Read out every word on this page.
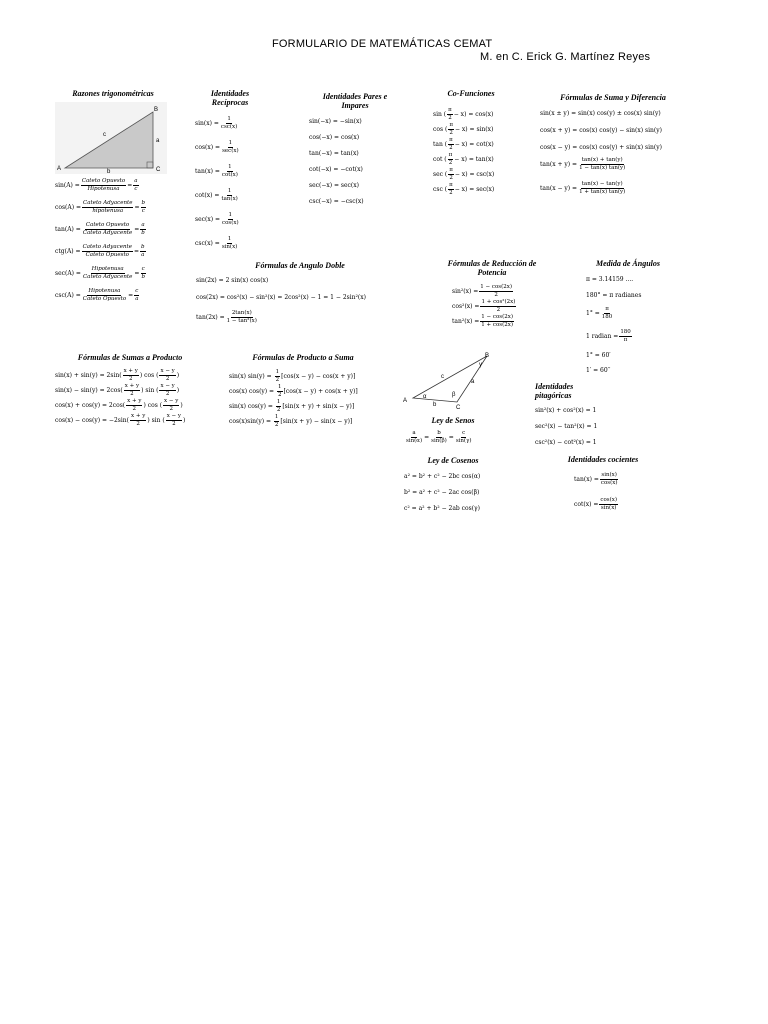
FORMULARIO DE MATEMÁTICAS CEMAT
M. en C. Erick G. Martínez Reyes
Razones trigonométricas
A
B
C
a
b
c
$\sin(A) = \frac{\text{Cateto Opuesto}}{\text{Hipotenusa}} = \frac{a}{c}$
$\cos(A) = \frac{\text{Cateto Adyacente}}{\text{hipotenusa}} = \frac{b}{c}$
$\tan(A) = \frac{\text{Cateto Opuesto}}{\text{Cateto Adyacente}} = \frac{a}{b}$
$ctg(A) = \frac{\text{Cateto Adyacente}}{\text{Cateto Opuesto}} = \frac{b}{a}$
$\sec(A) = \frac{\text{Hipotenusa}}{\text{Cateto Adyacente}} = \frac{c}{b}$
$\csc(A) = \frac{\text{Hipotenusa}}{\text{Cateto Opuesto}} = \frac{c}{a}$
Identidades Recíprocas
$\sin(x) = \frac{1}{\csc(x)}$
$\cos(x) = \frac{1}{\sec(x)}$
$\tan(x) = \frac{1}{\cot(x)}$
$\cot(x) = \frac{1}{\tan(x)}$
$\sec(x) = \frac{1}{\cos(x)}$
$\csc(x) = \frac{1}{\sin(x)}$
Identidades Pares e Impares
sin(−x) = −sin(x)
cos(−x) = cos(x)
tan(−x) = tan(x)
cot(−x) = −cot(x)
sec(−x) = sec(x)
csc(−x) = −csc(x)
Co-Funciones
sin ( $\frac{\pi}{2} - x) = \cos(x)$
cos ( $\frac{\pi}{2} - x) = \sin(x)$
tan ( $\frac{\pi}{2} - x) = \cot(x)$
cot ( $\frac{\pi}{2} - x) = \tan(x)$
sec ( $\frac{\pi}{2} - x) = \csc(x)$
csc ( $\frac{\pi}{2} - x) = \sec(x)$
Fórmulas de Suma y Diferencia
sin(x ± y) = sin(x) cos(y) ± cos(x) sin(y)
cos(x + y) = cos(x) cos(y) − sin(x) sin(y)
cos(x − y) = cos(x) cos(y) + sin(x) sin(y)
$\tan(x + y) = \frac{\tan(x) + \tan(y)}{1 - \tan(x) \tan(y)}$
$\tan(x - y) = \frac{\tan(x) - \tan(y)}{1 + \tan(x) \tan(y)}$
Fórmulas de Angulo Doble
sin(2x) = 2 sin(x) cos(x)
cos(2x) = cos²(x) − sin²(x) = 2cos²(x) − 1 = 1 − 2sin²(x)
$\tan(2x) = \frac{2\tan(x)}{\text{1 − tan²(x)}}$
Fórmulas de Reducción de Potencia
$\sin^2(x) = \frac{1 - \cos(2x)}{2}$
$\cos^2(x) = \frac{\text{1 + cos²(2x)}}{2}$
$\tan^2(x) = \frac{1 - \cos(2x)}{1 + \cos(2x)}$
Medida de Ángulos
π = 3.14159 ....
180° = π radianes
$1^\circ = \frac{\pi}{180}$
1 radian = $\frac{180}{\pi}$
1° = 60′
1′ = 60′′
Fórmulas de Sumas a Producto
sin(x) + sin(y) = 2sin ( $\frac{x + y}{2}$ ) cos ( $\frac{x - y}{2}$ )
sin(x) − sin(y) = 2cos ( $\frac{x + y}{2}$ ) sin ( $\frac{x - y}{2}$ )
cos(x) + cos(y) = 2cos ( $\frac{x + y}{2}$ ) cos ( $\frac{x - y}{2}$ )
cos(x) − cos(y) = −2sin ( $\frac{x + y}{2}$ ) sin ( $\frac{x - y}{2}$ )
Fórmulas de Producto a Suma
sin(x) sin(y) =
$\frac{1}{2} [\cos(x - y) - \cos(x + y)]$
cos(x) cos(y) =
$\frac{1}{2} [\cos(x - y) + \cos(x + y)]$
sin(x) cos(y) =
$\frac{1}{2} [\sin(x + y) + \sin(x - y)]$
cos(x)sin(y) =
$\frac{1}{2} [\sin(x + y) - \sin(x - y)]$
A
B
C
a
b
c
α	β
γ
Ley de Senos
$\frac{a}{\sin(\alpha)} = \frac{b}{\sin(\beta)} = \frac{c}{\sin(\gamma)}$
Ley de Cosenos
a² = b² + c² − 2bc cos(α)
b² = a² + c² − 2ac cos(β)
c² = a² + b² − 2ab cos(γ)
Identidades pitagóricas
sin²(x) + cos²(x) = 1
sec²(x) − tan²(x) = 1
csc²(x) − cot²(x) = 1
Identidades cocientes
$\tan(x) = \frac{\sin(x)}{\cos(x)}$
$\cot(x) = \frac{\cos(x)}{\sin(x)}$
